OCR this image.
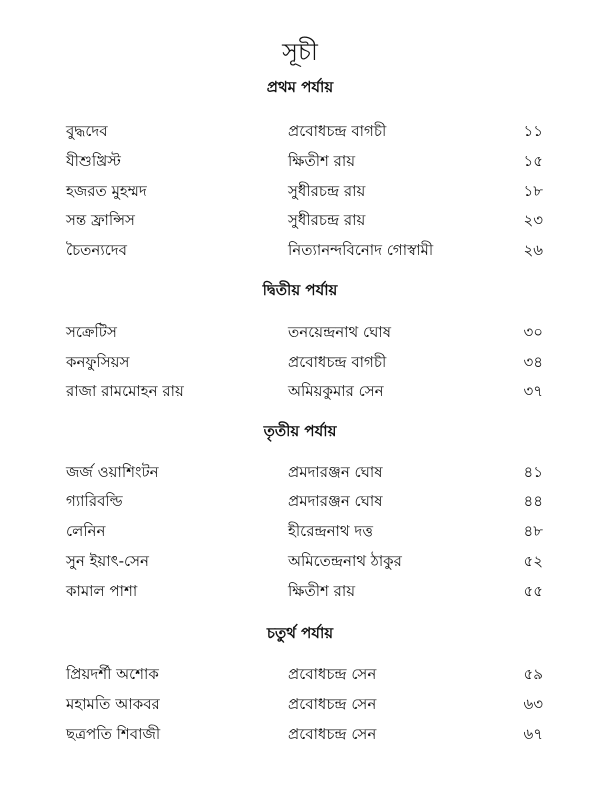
সূচী
প্রথম পর্যায়
বুদ্ধদেব	প্রবোধচন্দ্র বাগচী	১১
যীশুখ্রিস্ট	ক্ষিতীশ রায়	১৫
হজরত মুহম্মদ	সুধীরচন্দ্র রায়	১৮
সন্ত ফ্রান্সিস	সুধীরচন্দ্র রায়	২৩
চৈতন্যদেব	নিত্যানন্দবিনোদ গোস্বামী	২৬
দ্বিতীয় পর্যায়
সক্রেটিস	তনয়েন্দ্রনাথ ঘোষ	৩০
কনফুসিয়স	প্রবোধচন্দ্র বাগচী	৩৪
রাজা রামমোহন রায়	অমিয়কুমার সেন	৩৭
তৃতীয় পর্যায়
জর্জ ওয়াশিংটন	প্রমদারঞ্জন ঘোষ	৪১
গ্যারিবল্ডি	প্রমদারঞ্জন ঘোষ	৪৪
লেনিন	হীরেন্দ্রনাথ দত্ত	৪৮
সুন ইয়াৎ-সেন	অমিতেন্দ্রনাথ ঠাকুর	৫২
কামাল পাশা	ক্ষিতীশ রায়	৫৫
চতুর্থ পর্যায়
প্রিয়দর্শী অশোক	প্রবোধচন্দ্র সেন	৫৯
মহামতি আকবর	প্রবোধচন্দ্র সেন	৬৩
ছত্রপতি শিবাজী	প্রবোধচন্দ্র সেন	৬৭
